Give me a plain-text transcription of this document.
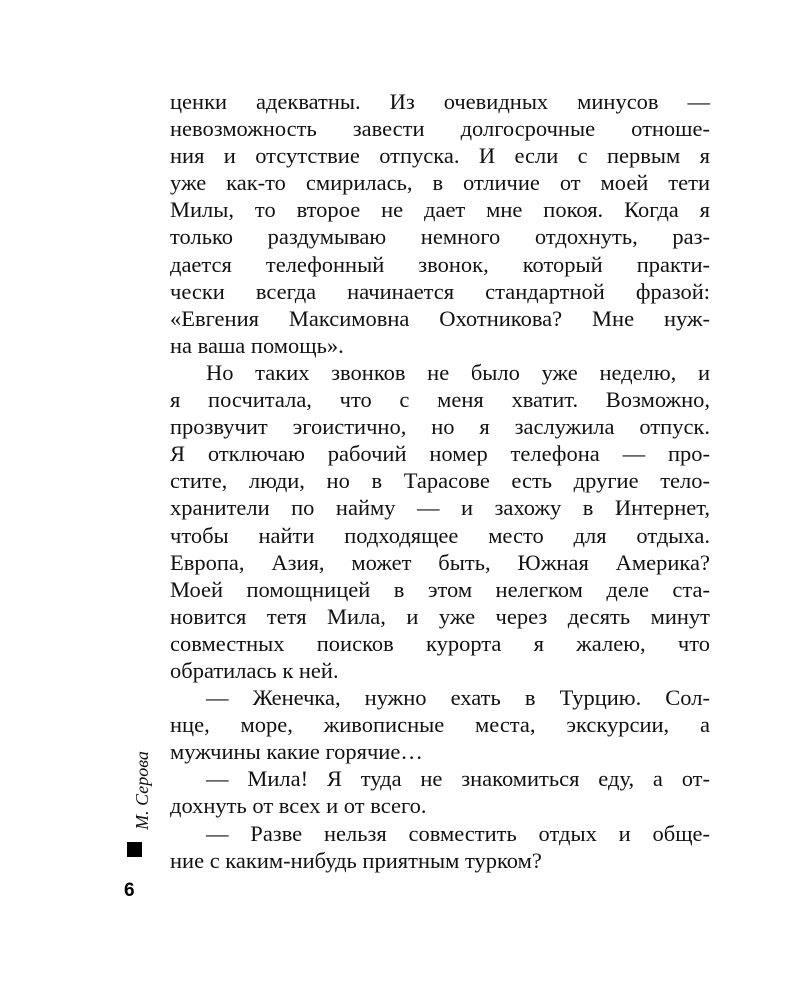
ценки адекватны. Из очевидных минусов —
невозможность завести долгосрочные отноше-
ния и отсутствие отпуска. И если с первым я
уже как-то смирилась, в отличие от моей тети
Милы, то второе не дает мне покоя. Когда я
только раздумываю немного отдохнуть, раз-
дается телефонный звонок, который практи-
чески всегда начинается стандартной фразой:
«Евгения Максимовна Охотникова? Мне нуж-
на ваша помощь».
Но таких звонков не было уже неделю, и
я посчитала, что с меня хватит. Возможно,
прозвучит эгоистично, но я заслужила отпуск.
Я отключаю рабочий номер телефона — про-
стите, люди, но в Тарасове есть другие тело-
хранители по найму — и захожу в Интернет,
чтобы найти подходящее место для отдыха.
Европа, Азия, может быть, Южная Америка?
Моей помощницей в этом нелегком деле ста-
новится тетя Мила, и уже через десять минут
совместных поисков курорта я жалею, что
обратилась к ней.
— Женечка, нужно ехать в Турцию. Сол-
нце, море, живописные места, экскурсии, а
мужчины какие горячие…
— Мила! Я туда не знакомиться еду, а от-
дохнуть от всех и от всего.
— Разве нельзя совместить отдых и обще-
ние с каким-нибудь приятным турком?
М. Серова
6
